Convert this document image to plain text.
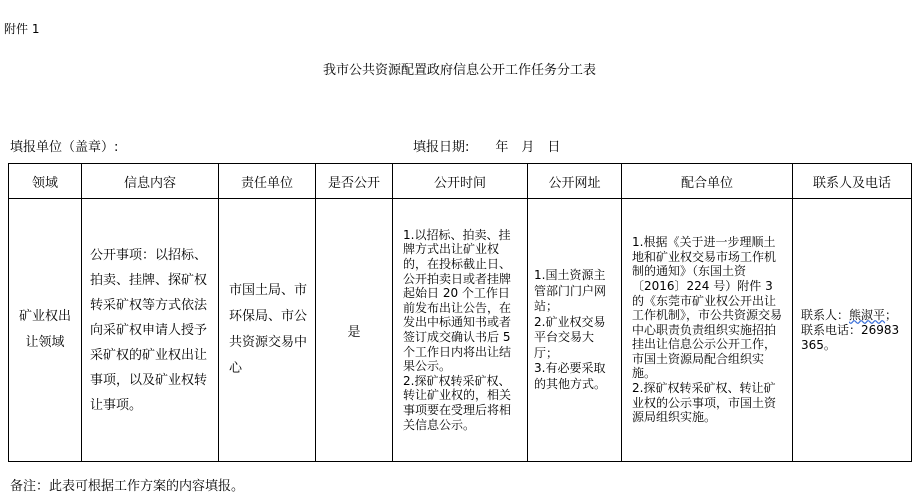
附件 1
我市公共资源配置政府信息公开工作任务分工表
填报单位（盖章）:	填报日期:　　年　月　日
领域	信息内容	责任单位	是否公开	公开时间	公开网址	配合单位	联系人及电话
矿业权出让领域	公开事项：以招标、拍卖、挂牌、探矿权转采矿权等方式依法向采矿权申请人授予采矿权的矿业权出让事项，以及矿业权转让事项。	市国土局、市环保局、市公共资源交易中心	是	1.以招标、拍卖、挂牌方式出让矿业权的，在投标截止日、公开拍卖日或者挂牌起始日 20 个工作日前发布出让公告，在发出中标通知书或者签订成交确认书后 5 个工作日内将出让结果公示。
2.探矿权转采矿权、转让矿业权的，相关事项要在受理后将相关信息公示。	1.国土资源主管部门门户网站；
2.矿业权交易平台交易大厅；
3.有必要采取的其他方式。	1.根据《关于进一步理顺土地和矿业权交易市场工作机制的通知》（东国土资〔2016〕224 号）附件 3 的《东莞市矿业权公开出让工作机制》，市公共资源交易中心职责负责组织实施招拍挂出让信息公示公开工作，市国土资源局配合组织实施。
2.探矿权转采矿权、转让矿业权的公示事项，市国土资源局组织实施。	联系人：熊淑平；联系电话：26983365。
备注：此表可根据工作方案的内容填报。
